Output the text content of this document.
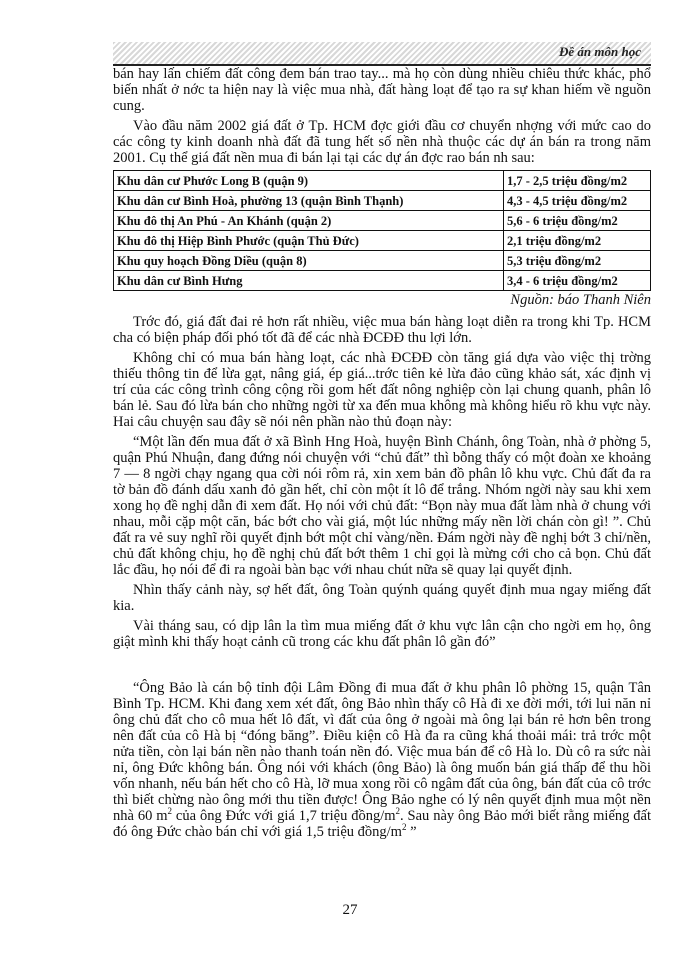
Đề án môn học

bán hay lấn chiếm đất công đem bán trao tay... mà họ còn dùng nhiều chiêu thức khác, phổ biến nhất ở nớc ta hiện nay là việc mua nhà, đất hàng loạt để tạo ra sự khan hiếm về nguồn cung.

Vào đầu năm 2002 giá đất ở Tp. HCM đợc giới đầu cơ chuyển nhợng với mức cao do các công ty kinh doanh nhà đất đã tung hết số nền nhà thuộc các dự án bán ra trong năm 2001. Cụ thể giá đất nền mua đi bán lại tại các dự án đợc rao bán nh sau:

Khu dân cư Phước Long B (quận 9)	1,7 - 2,5 triệu đồng/m2
Khu dân cư Bình Hoà, phường 13 (quận Bình Thạnh)	4,3 - 4,5 triệu đồng/m2
Khu đô thị An Phú - An Khánh (quận 2)	5,6 - 6 triệu đồng/m2
Khu đô thị Hiệp Bình Phước (quận Thủ Đức)	2,1 triệu đồng/m2
Khu quy hoạch Đồng Diều (quận 8)	5,3 triệu đồng/m2
Khu dân cư Bình Hưng	3,4 - 6 triệu đồng/m2
Nguồn: báo Thanh Niên

Trớc đó, giá đất đai rẻ hơn rất nhiều, việc mua bán hàng loạt diễn ra trong khi Tp. HCM cha có biện pháp đối phó tốt đã để các nhà ĐCĐĐ thu lợi lớn.

Không chỉ có mua bán hàng loạt, các nhà ĐCĐĐ còn tăng giá dựa vào việc thị trờng thiếu thông tin để lừa gạt, nâng giá, ép giá...trớc tiên kẻ lừa đảo cũng khảo sát, xác định vị trí của các công trình công cộng rồi gom hết đất nông nghiệp còn lại chung quanh, phân lô bán lẻ. Sau đó lừa bán cho những ngời từ xa đến mua không mà không hiểu rõ khu vực này. Hai câu chuyện sau đây sẽ nói nên phần nào thủ đoạn này:

“Một lần đến mua đất ở xã Bình Hng Hoà, huyện Bình Chánh, ông Toàn, nhà ở phờng 5, quận Phú Nhuận, đang đứng nói chuyện với “chủ đất” thì bỗng thấy có một đoàn xe khoảng 7 — 8 ngời chạy ngang qua cời nói rôm rả, xin xem bản đồ phân lô khu vực. Chủ đất đa ra tờ bản đồ đánh dấu xanh đỏ gần hết, chỉ còn một ít lô để trắng. Nhóm ngời này sau khi xem xong họ đề nghị dẫn đi xem đất. Họ nói với chủ đất: “Bọn này mua đất làm nhà ở chung với nhau, mỗi cặp một căn, bác bớt cho vài giá, một lúc những mấy nền lời chán còn gì! ”. Chủ đất ra vẻ suy nghĩ rồi quyết định bớt một chỉ vàng/nền. Đám ngời này đề nghị bớt 3 chỉ/nền, chủ đất không chịu, họ đề nghị chủ đất bớt thêm 1 chỉ gọi là mừng cới cho cả bọn. Chủ đất lắc đầu, họ nói để đi ra ngoài bàn bạc với nhau chút nữa sẽ quay lại quyết định.

Nhìn thấy cảnh này, sợ hết đất, ông Toàn quýnh quáng quyết định mua ngay miếng đất kia.

Vài tháng sau, có dịp lân la tìm mua miếng đất ở khu vực lân cận cho ngời em họ, ông giật mình khi thấy hoạt cảnh cũ trong các khu đất phân lô gần đó”

“Ông Bảo là cán bộ tỉnh đội Lâm Đồng đi mua đất ở khu phân lô phờng 15, quận Tân Bình Tp. HCM. Khi đang xem xét đất, ông Bảo nhìn thấy cô Hà đi xe đời mới, tới lui năn nỉ ông chủ đất cho cô mua hết lô đất, vì đất của ông ở ngoài mà ông lại bán rẻ hơn bên trong nên đất của cô Hà bị “đóng băng”. Điều kiện cô Hà đa ra cũng khá thoải mái: trả trớc một nửa tiền, còn lại bán nền nào thanh toán nền đó. Việc mua bán để cô Hà lo. Dù cô ra sức nài nỉ, ông Đức không bán. Ông nói với khách (ông Bảo) là ông muốn bán giá thấp để thu hồi vốn nhanh, nếu bán hết cho cô Hà, lỡ mua xong rồi cô ngâm đất của ông, bán đất của cô trớc thì biết chừng nào ông mới thu tiền được! Ông Bảo nghe có lý nên quyết định mua một nền nhà 60 $m^2$ của ông Đức với giá 1,7 triệu đồng/$m^2$. Sau này ông Bảo mới biết rằng miếng đất đó ông Đức chào bán chỉ với giá 1,5 triệu đồng/$m^2$ ”

27
